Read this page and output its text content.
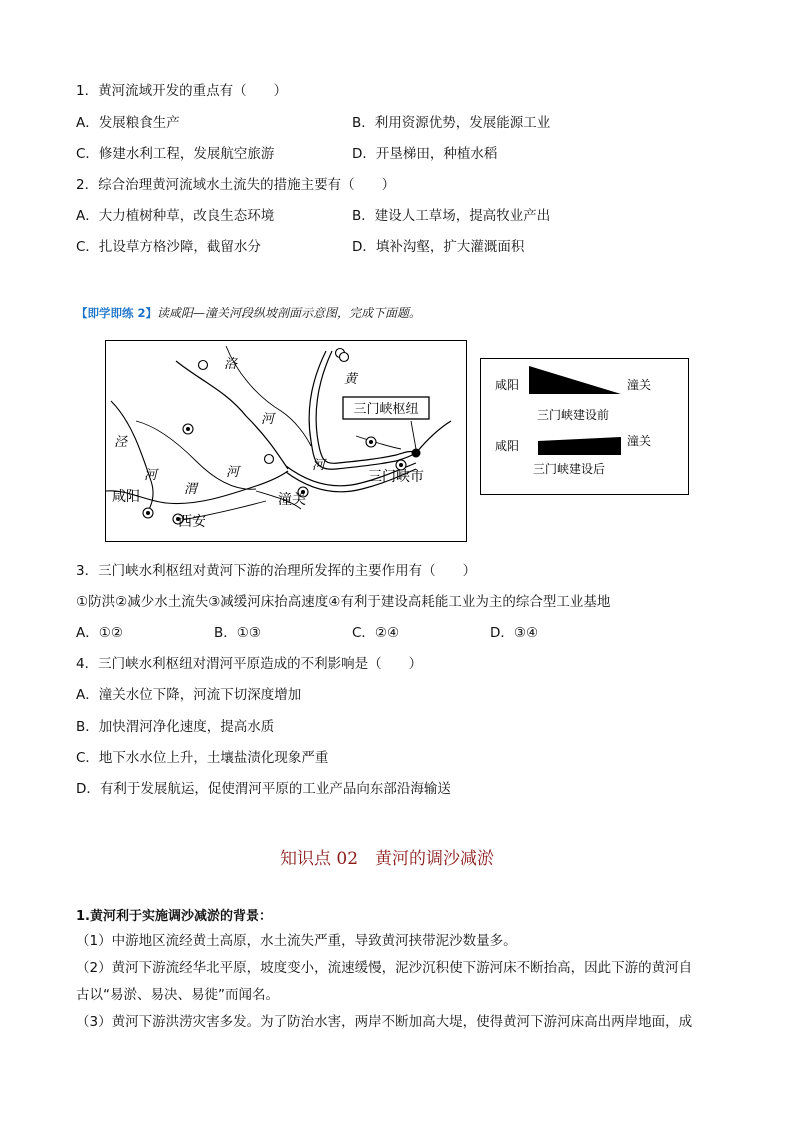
1．黄河流域开发的重点有（　　）
A．发展粮食生产	B．利用资源优势，发展能源工业
C．修建水利工程，发展航空旅游	D．开垦梯田，种植水稻
2．综合治理黄河流域水土流失的措施主要有（　　）
A．大力植树种草，改良生态环境	B．建设人工草场，提高牧业产出
C．扎设草方格沙障，截留水分	D．填补沟壑，扩大灌溉面积
【即学即练 2】读咸阳—潼关河段纵坡剖面示意图，完成下面题。
三门峡枢纽
洛
河
黄
河
泾
河
渭
河
咸阳
西安
潼关
三门峡市
咸阳	潼关
三门峡建设前
咸阳	潼关
三门峡建设后
3．三门峡水利枢纽对黄河下游的治理所发挥的主要作用有（　　）
①防洪②减少水土流失③减缓河床抬高速度④有利于建设高耗能工业为主的综合型工业基地
A．①②	B．①③	C．②④	D．③④
4．三门峡水利枢纽对渭河平原造成的不利影响是（　　）
A．潼关水位下降，河流下切深度增加
B．加快渭河净化速度，提高水质
C．地下水水位上升，土壤盐渍化现象严重
D．有利于发展航运，促使渭河平原的工业产品向东部沿海输送
知识点 02　黄河的调沙减淤
1.黄河利于实施调沙减淤的背景：
（1）中游地区流经黄土高原，水土流失严重，导致黄河挟带泥沙数量多。
（2）黄河下游流经华北平原，坡度变小，流速缓慢，泥沙沉积使下游河床不断抬高，因此下游的黄河自
古以“易淤、易决、易徙”而闻名。
（3）黄河下游洪涝灾害多发。为了防治水害，两岸不断加高大堤，使得黄河下游河床高出两岸地面，成
